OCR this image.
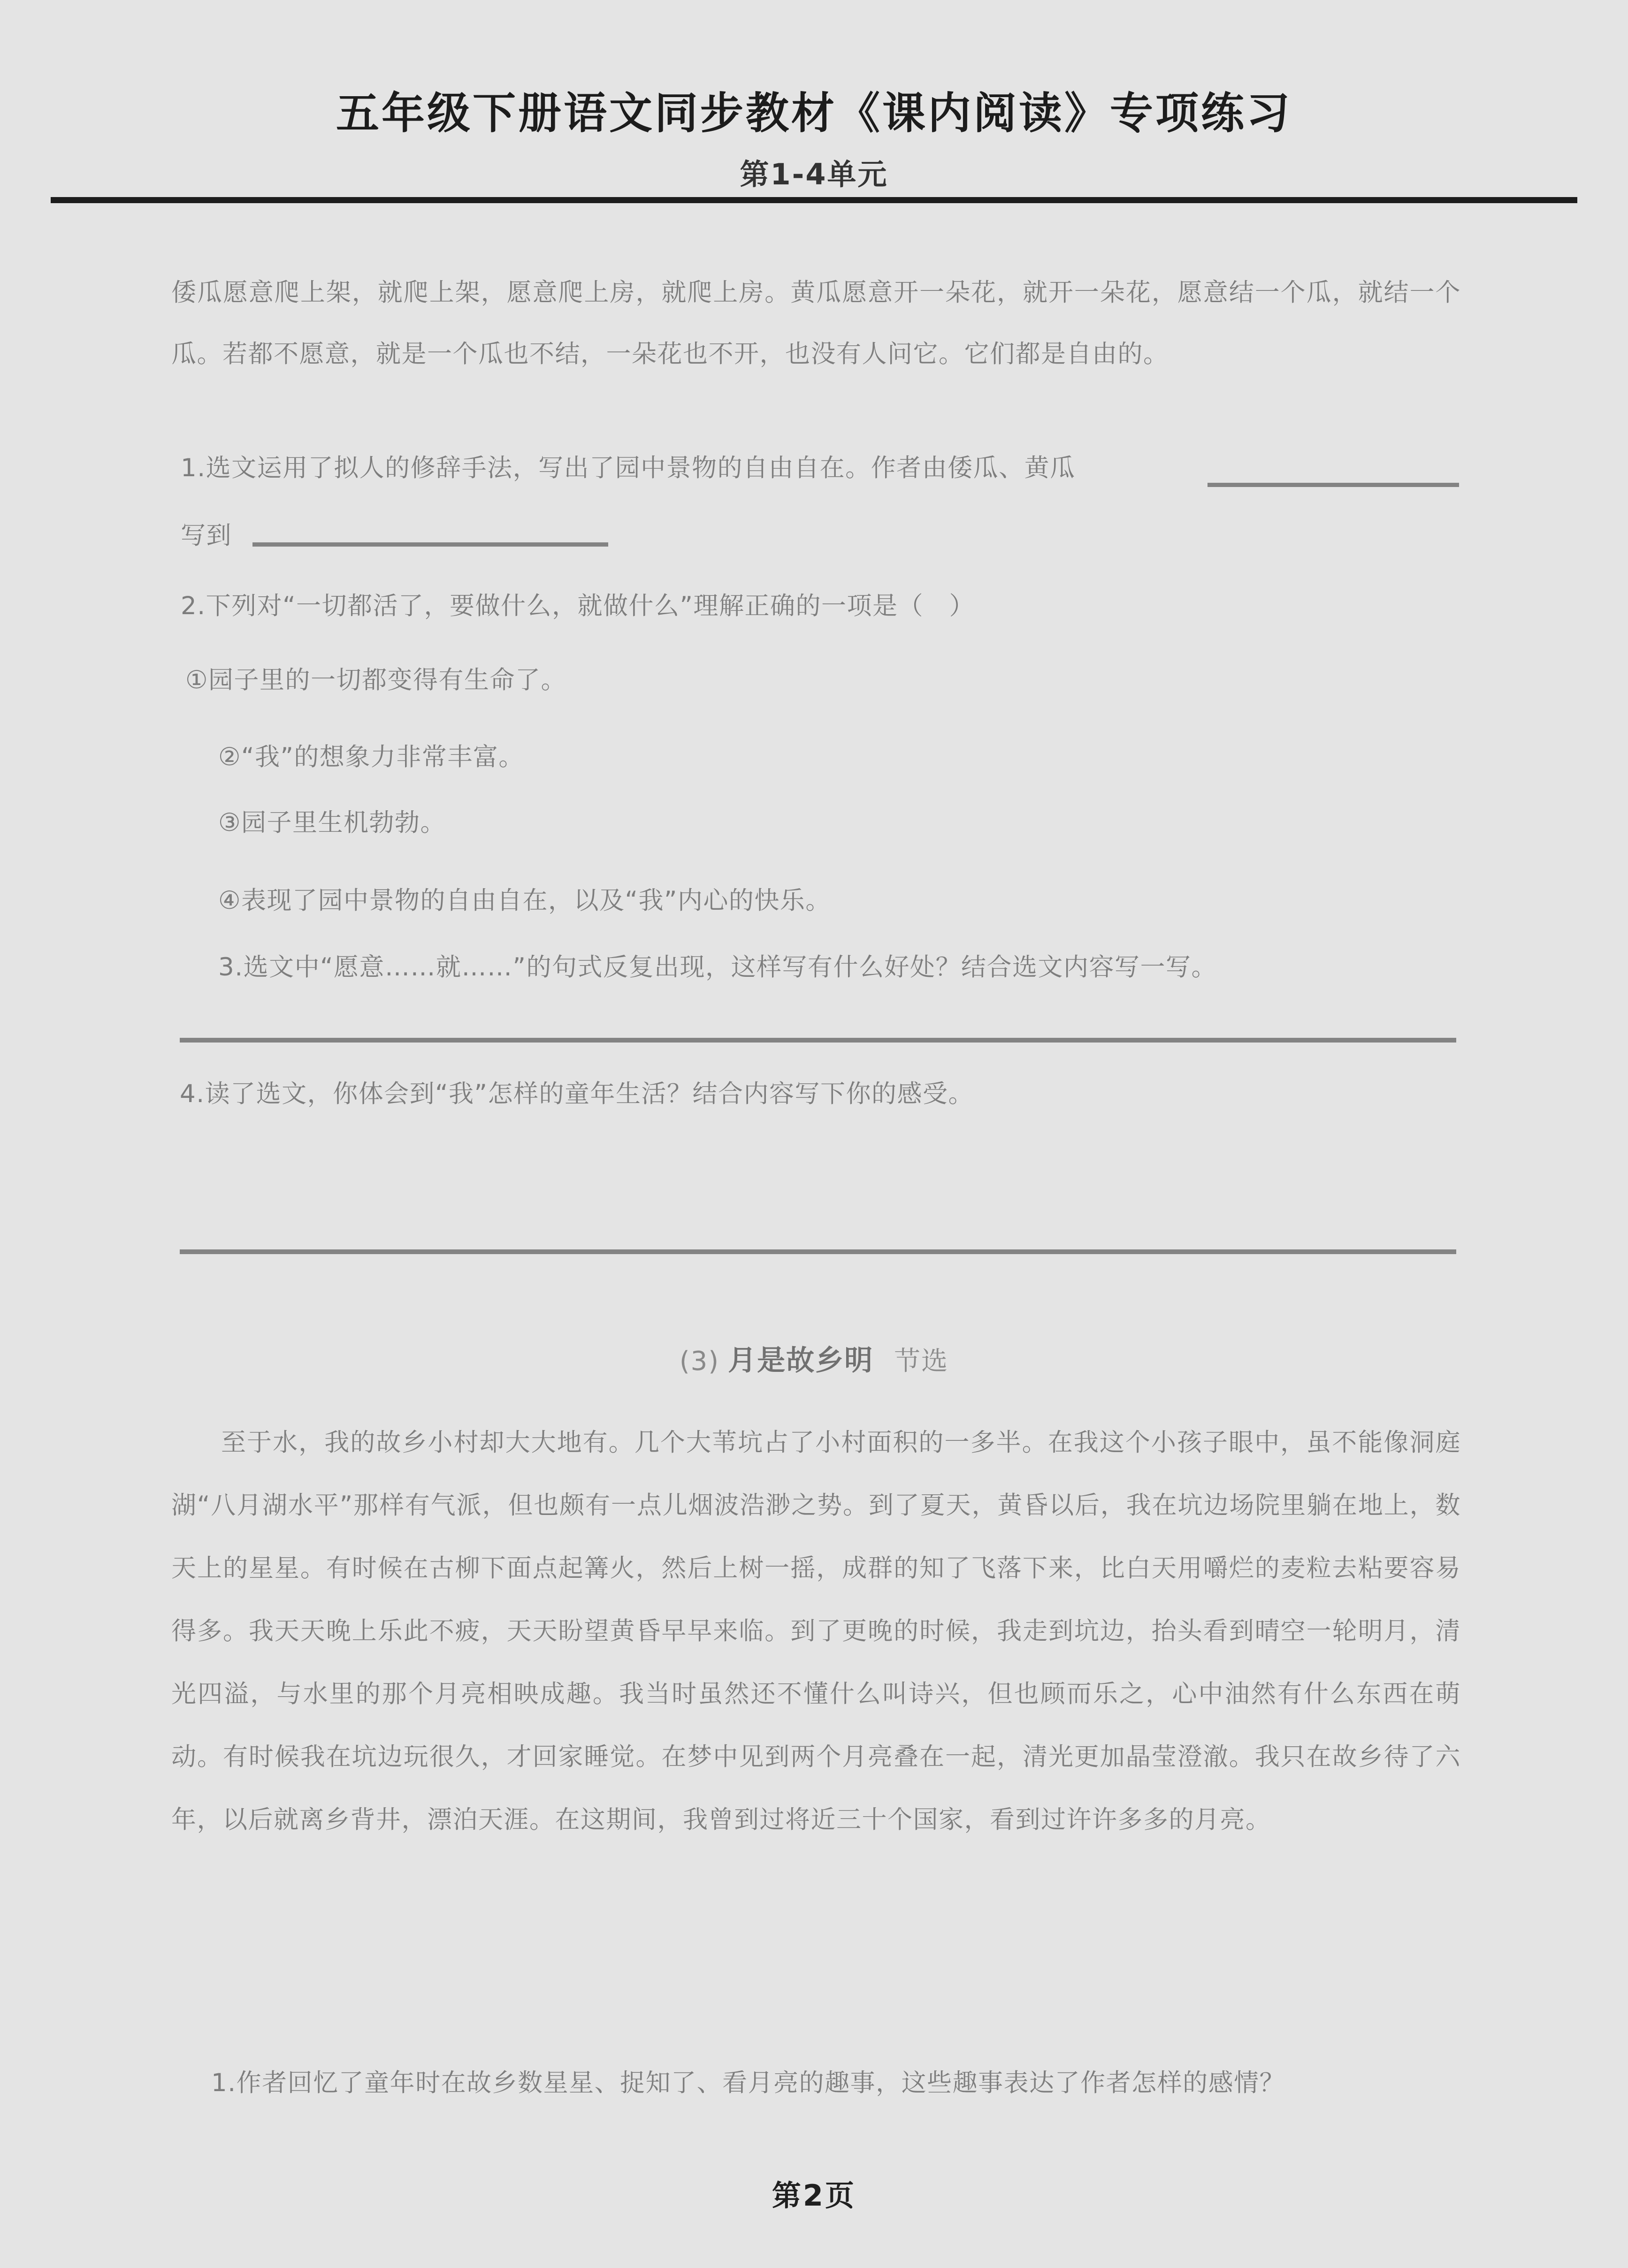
五年级下册语文同步教材《课内阅读》专项练习
第1-4单元
倭瓜愿意爬上架，就爬上架，愿意爬上房，就爬上房。黄瓜愿意开一朵花，就开一朵花，愿意结一个瓜，就结一个瓜。若都不愿意，就是一个瓜也不结，一朵花也不开，也没有人问它。它们都是自由的。
1.选文运用了拟人的修辞手法，写出了园中景物的自由自在。作者由倭瓜、黄瓜
写到
2.下列对“一切都活了，要做什么，就做什么”理解正确的一项是（　）
①园子里的一切都变得有生命了。
②“我”的想象力非常丰富。
③园子里生机勃勃。
④表现了园中景物的自由自在，以及“我”内心的快乐。
3.选文中“愿意……就……”的句式反复出现，这样写有什么好处？结合选文内容写一写。
4.读了选文，你体会到“我”怎样的童年生活？结合内容写下你的感受。
(3) 月是故乡明 节选
至于水，我的故乡小村却大大地有。几个大苇坑占了小村面积的一多半。在我这个小孩子眼中，虽不能像洞庭湖“八月湖水平”那样有气派，但也颇有一点儿烟波浩渺之势。到了夏天，黄昏以后，我在坑边场院里躺在地上，数天上的星星。有时候在古柳下面点起篝火，然后上树一摇，成群的知了飞落下来，比白天用嚼烂的麦粒去粘要容易得多。我天天晚上乐此不疲，天天盼望黄昏早早来临。到了更晚的时候，我走到坑边，抬头看到晴空一轮明月，清光四溢，与水里的那个月亮相映成趣。我当时虽然还不懂什么叫诗兴，但也顾而乐之，心中油然有什么东西在萌动。有时候我在坑边玩很久，才回家睡觉。在梦中见到两个月亮叠在一起，清光更加晶莹澄澈。我只在故乡待了六年，以后就离乡背井，漂泊天涯。在这期间，我曾到过将近三十个国家，看到过许许多多的月亮。
1.作者回忆了童年时在故乡数星星、捉知了、看月亮的趣事，这些趣事表达了作者怎样的感情？
第2页
